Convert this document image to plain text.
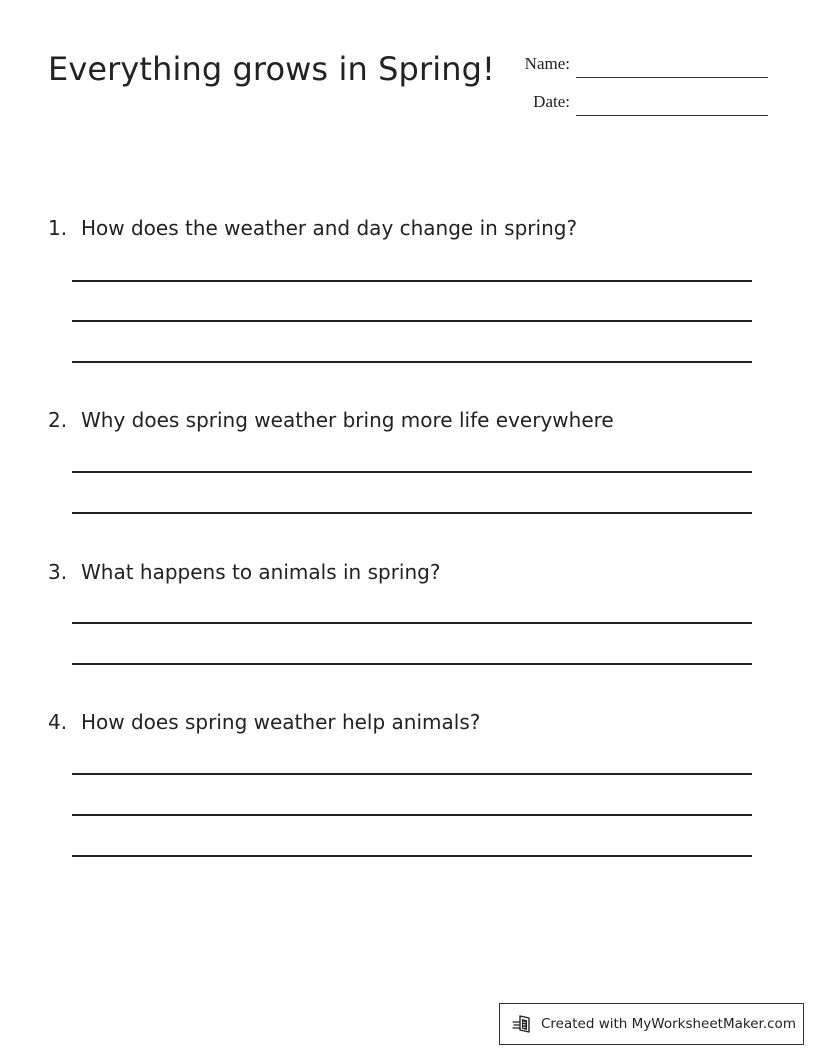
Everything grows in Spring!	Name:
Date:
1. How does the weather and day change in spring?
2. Why does spring weather bring more life everywhere
3. What happens to animals in spring?
4. How does spring weather help animals?
Created with MyWorksheetMaker.com
